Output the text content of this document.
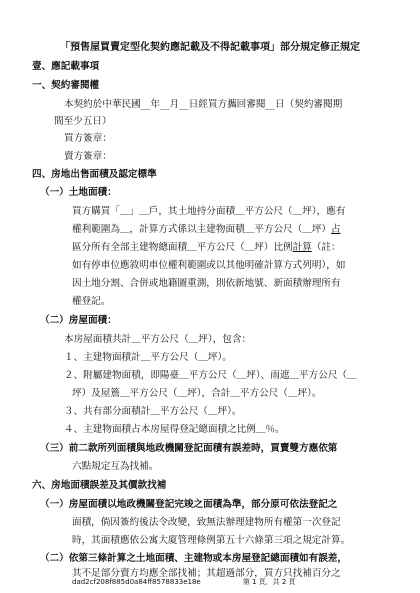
「預售屋買賣定型化契約應記載及不得記載事項」部分規定修正規定
壹、應記載事項
一、契約審閱權
本契約於中華民國__年__月__日經買方攜回審閱__日（契約審閱期
間至少五日）
買方簽章：
賣方簽章：
四、房地出售面積及認定標準
（一）土地面積：
買方購買「＿」＿戶，其土地持分面積＿平方公尺（＿坪），應有
權利範圍為＿，計算方式係以主建物面積＿平方公尺（＿坪）占
區分所有全部主建物總面積＿平方公尺（＿坪）比例計算（註：
如有停車位應敘明車位權利範圍或以其他明確計算方式列明），如
因土地分割、合併或地籍圖重測，則依新地號、新面積辦理所有
權登記。
（二）房屋面積：
本房屋面積共計＿平方公尺（＿坪），包含：
１、主建物面積計＿平方公尺（＿坪）。
２、附屬建物面積，即陽臺＿平方公尺（＿坪）、雨遮＿平方公尺（＿
坪）及屋簷＿平方公尺（＿坪），合計＿平方公尺（＿坪）。
３、共有部分面積計＿平方公尺（＿坪）。
４、主建物面積占本房屋得登記總面積之比例＿％。
（三）前二款所列面積與地政機關登記面積有誤差時，買賣雙方應依第
六點規定互為找補。
六、房地面積誤差及其價款找補
（一）房屋面積以地政機關登記完竣之面積為準，部分原可依法登記之
面積，倘因簽約後法令改變，致無法辦理建物所有權第一次登記
時，其面積應依公寓大廈管理條例第五十六條第三項之規定計算。
（二）依第三條計算之土地面積、主建物或本房屋登記總面積如有誤差，
其不足部分賣方均應全部找補；其超過部分，買方只找補百分之
dad2cf208f885d0a84ff8578833e18e	第 1 頁，共 2 頁
